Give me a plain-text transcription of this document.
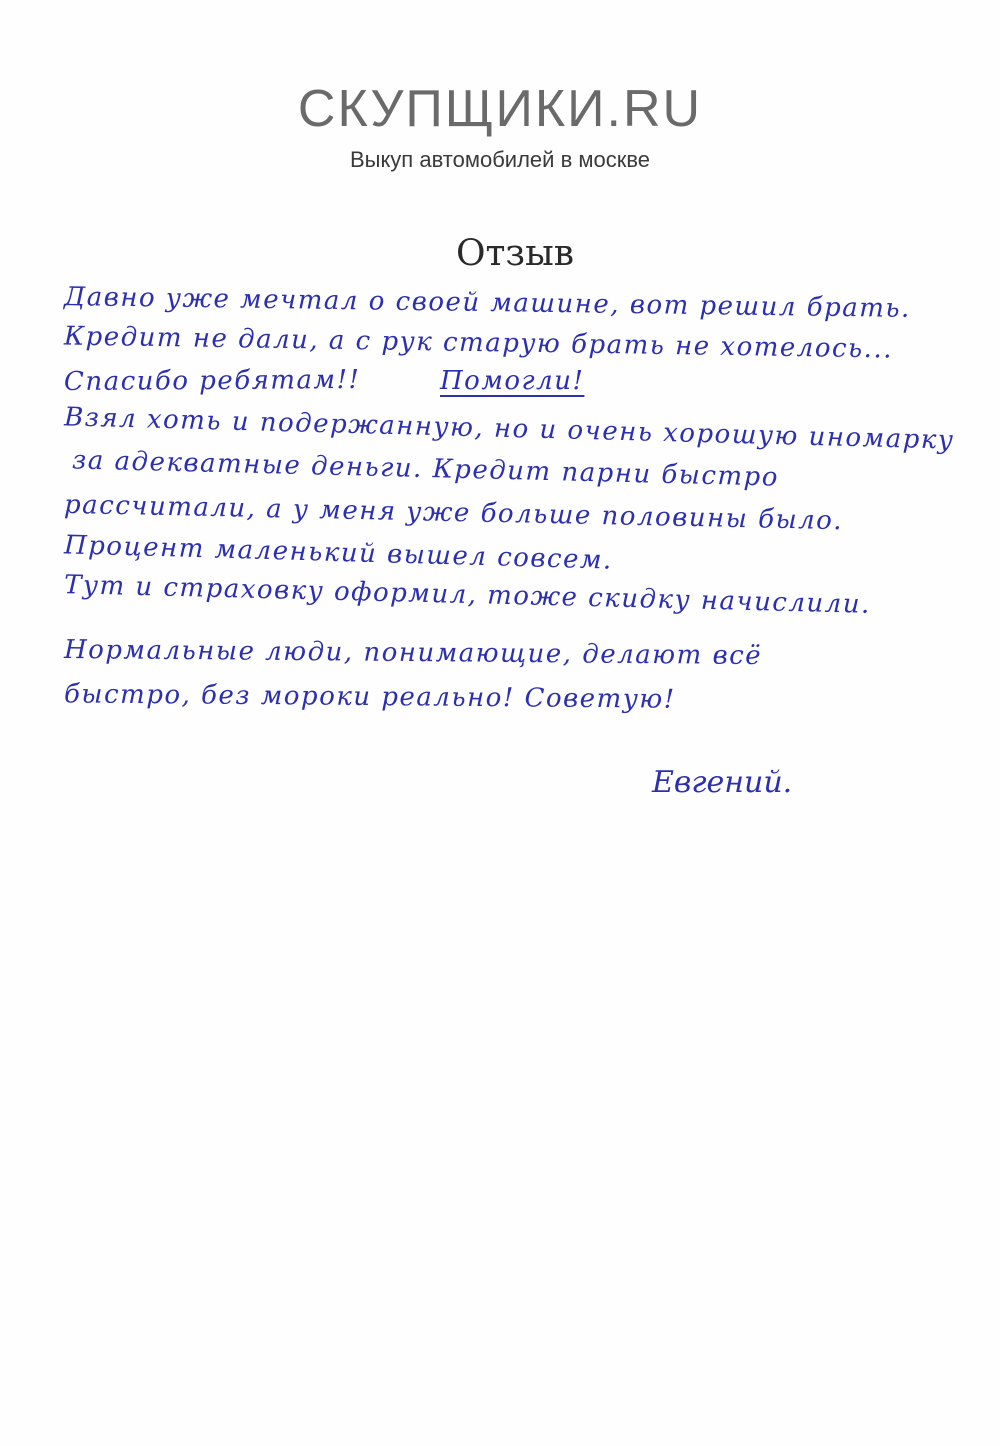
СКУПЩИКИ.RU
Выкуп автомобилей в москве
Отзыв
Давно уже мечтал о своей машине, вот решил брать.
Кредит не дали, а с рук старую брать не хотелось...
Спасибо ребятам!!	Помогли!
Взял хоть и подержанную, но и очень хорошую иномарку
за адекватные деньги. Кредит парни быстро
рассчитали, а у меня уже больше половины было.
Процент маленький вышел совсем.
Тут и страховку оформил, тоже скидку начислили.
Нормальные люди, понимающие, делают всё
быстро, без мороки реально! Советую!
Евгений.
